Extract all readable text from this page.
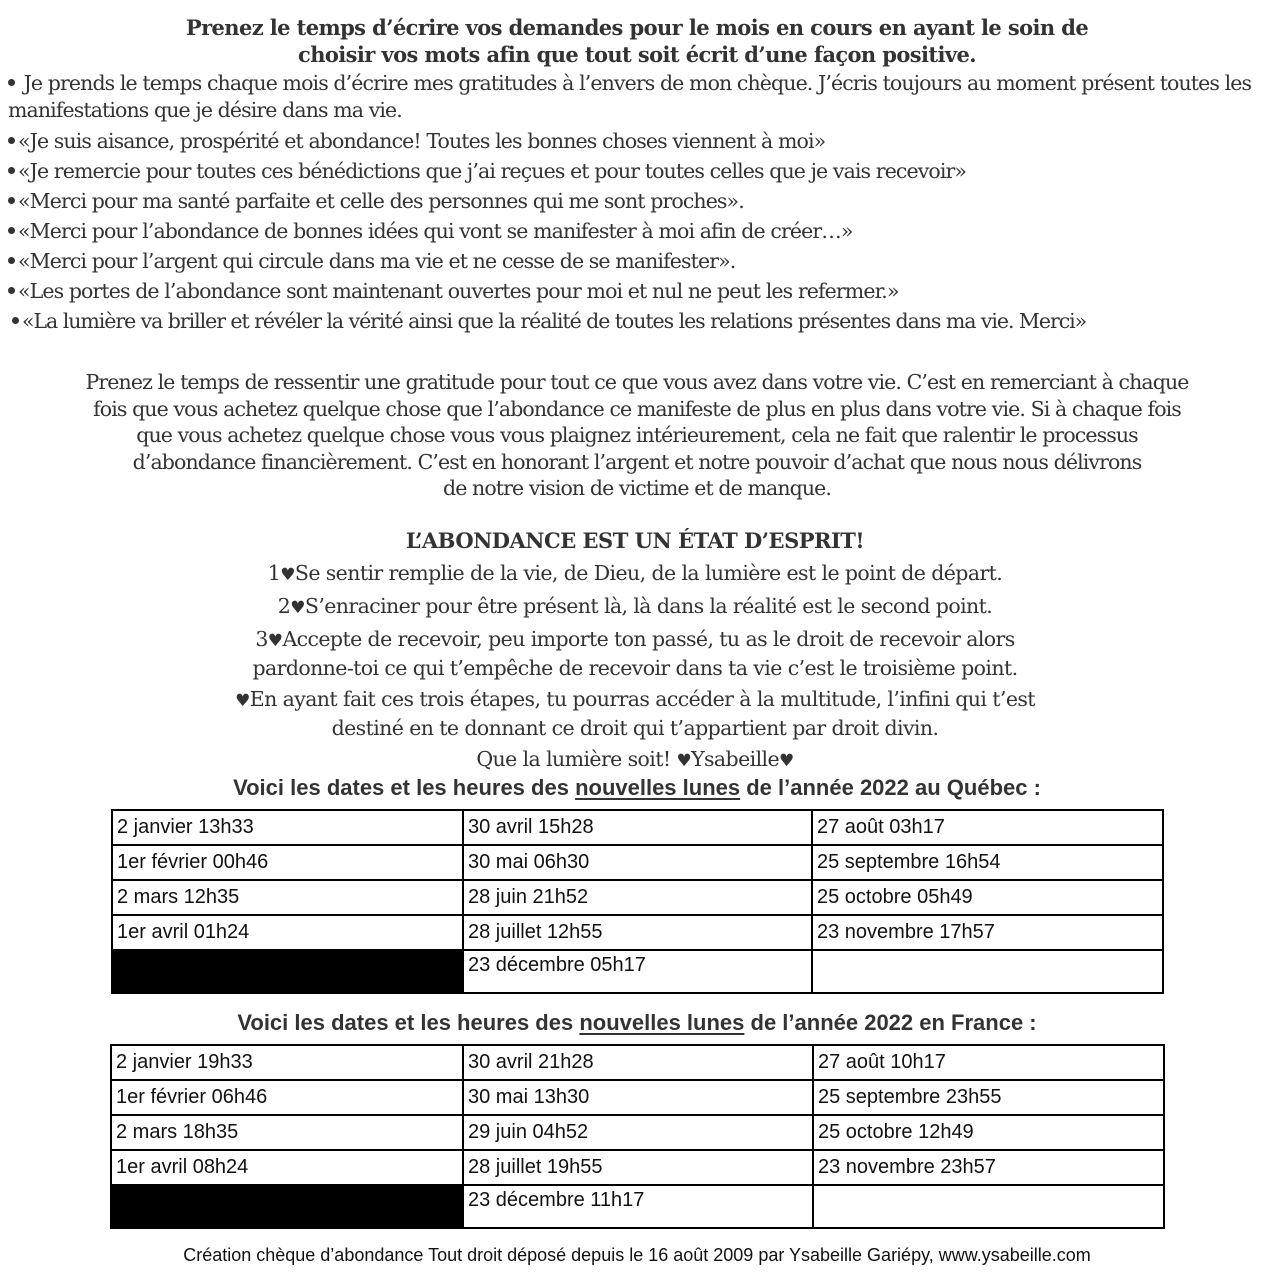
Prenez le temps d’écrire vos demandes pour le mois en cours en ayant le soin de
choisir vos mots afin que tout soit écrit d’une façon positive.
Je prends le temps chaque mois d’écrire mes gratitudes à l’envers de mon chèque. J’écris toujours au moment présent toutes les manifestations que je désire dans ma vie.
«Je suis aisance, prospérité et abondance! Toutes les bonnes choses viennent à moi»
«Je remercie pour toutes ces bénédictions que j’ai reçues et pour toutes celles que je vais recevoir»
«Merci pour ma santé parfaite et celle des personnes qui me sont proches».
«Merci pour l’abondance de bonnes idées qui vont se manifester à moi afin de créer…»
«Merci pour l’argent qui circule dans ma vie et ne cesse de se manifester».
«Les portes de l’abondance sont maintenant ouvertes pour moi et nul ne peut les refermer.»
«La lumière va briller et révéler la vérité ainsi que la réalité de toutes les relations présentes dans ma vie. Merci»
Prenez le temps de ressentir une gratitude pour tout ce que vous avez dans votre vie. C’est en remerciant à chaque
fois que vous achetez quelque chose que l’abondance ce manifeste de plus en plus dans votre vie. Si à chaque fois
que vous achetez quelque chose vous vous plaignez intérieurement, cela ne fait que ralentir le processus
d’abondance financièrement. C’est en honorant l’argent et notre pouvoir d’achat que nous nous délivrons
de notre vision de victime et de manque.
L’ABONDANCE EST UN ÉTAT D’ESPRIT!
1♥Se sentir remplie de la vie, de Dieu, de la lumière est le point de départ.
2♥S’enraciner pour être présent là, là dans la réalité est le second point.
3♥Accepte de recevoir, peu importe ton passé, tu as le droit de recevoir alors
pardonne-toi ce qui t’empêche de recevoir dans ta vie c’est le troisième point.
♥En ayant fait ces trois étapes, tu pourras accéder à la multitude, l’infini qui t’est
destiné en te donnant ce droit qui t’appartient par droit divin.
Que la lumière soit! ♥Ysabeille♥
Voici les dates et les heures des nouvelles lunes de l’année 2022 au Québec :
2 janvier 13h33	30 avril 15h28	27 août 03h17
1er février 00h46	30 mai 06h30	25 septembre 16h54
2 mars 12h35	28 juin 21h52	25 octobre 05h49
1er avril 01h24	28 juillet 12h55	23 novembre 17h57
	23 décembre 05h17	
Voici les dates et les heures des nouvelles lunes de l’année 2022 en France :
2 janvier 19h33	30 avril 21h28	27 août 10h17
1er février 06h46	30 mai 13h30	25 septembre 23h55
2 mars 18h35	29 juin 04h52	25 octobre 12h49
1er avril 08h24	28 juillet 19h55	23 novembre 23h57
	23 décembre 11h17	
Création chèque d’abondance Tout droit déposé depuis le 16 août 2009 par Ysabeille Gariépy, www.ysabeille.com
